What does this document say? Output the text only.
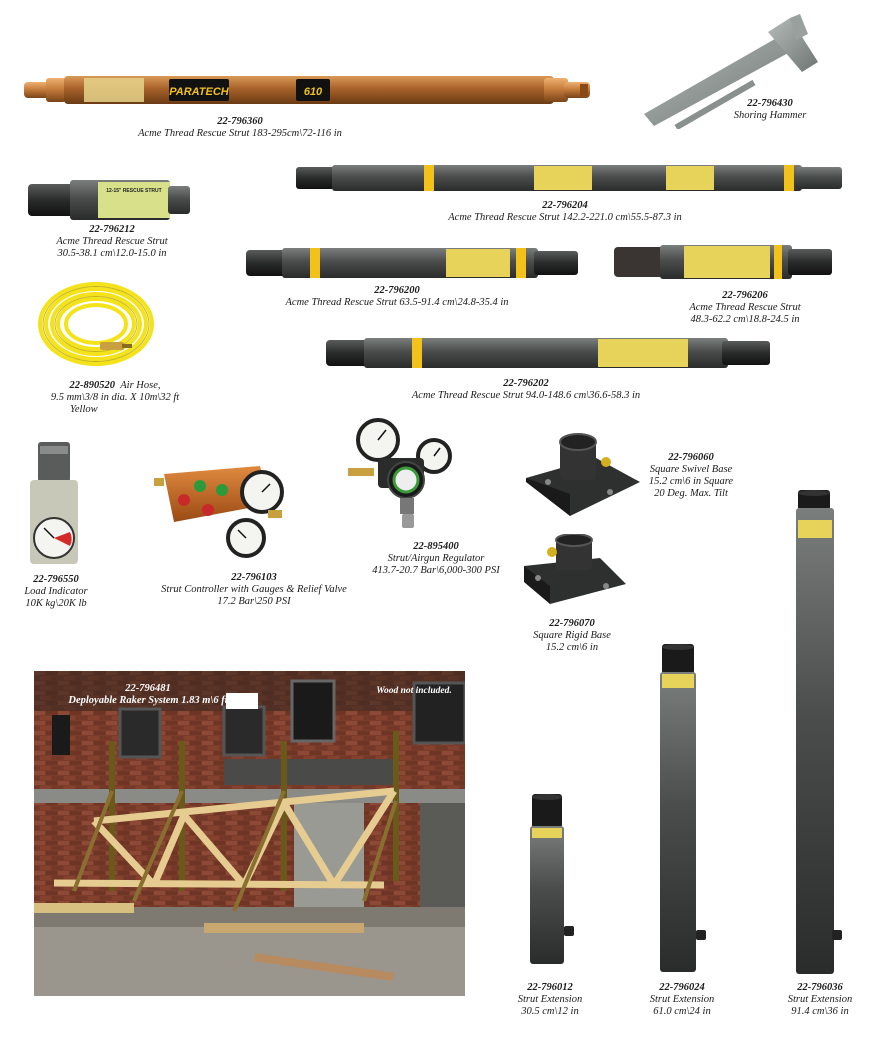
PARATECH	610
22-796360
Acme Thread Rescue Strut 183-295cm\72-116 in
22-796430
Shoring Hammer
22-796204
Acme Thread Rescue Strut 142.2-221.0 cm\55.5-87.3 in
12-15" RESCUE STRUT
22-796212
Acme Thread Rescue Strut
30.5-38.1 cm\12.0-15.0 in
22-796200
Acme Thread Rescue Strut 63.5-91.4 cm\24.8-35.4 in
22-796206
Acme Thread Rescue Strut
48.3-62.2 cm\18.8-24.5 in
22-890520 Air Hose,
9.5 mm\3/8 in dia. X 10m\32 ft
Yellow
22-796202
Acme Thread Rescue Strut 94.0-148.6 cm\36.6-58.3 in
22-796550
Load Indicator
10K kg\20K lb
22-796103
Strut Controller with Gauges & Relief Valve
17.2 Bar\250 PSI
22-895400
Strut/Airgun Regulator
413.7-20.7 Bar\6,000-300 PSI
22-796060
Square Swivel Base
15.2 cm\6 in Square
20 Deg. Max. Tilt
22-796070
Square Rigid Base
15.2 cm\6 in
22-796481
Deployable Raker System 1.83 m\6 ft
Wood not included.
22-796012
Strut Extension
30.5 cm\12 in
22-796024
Strut Extension
61.0 cm\24 in
22-796036
Strut Extension
91.4 cm\36 in
